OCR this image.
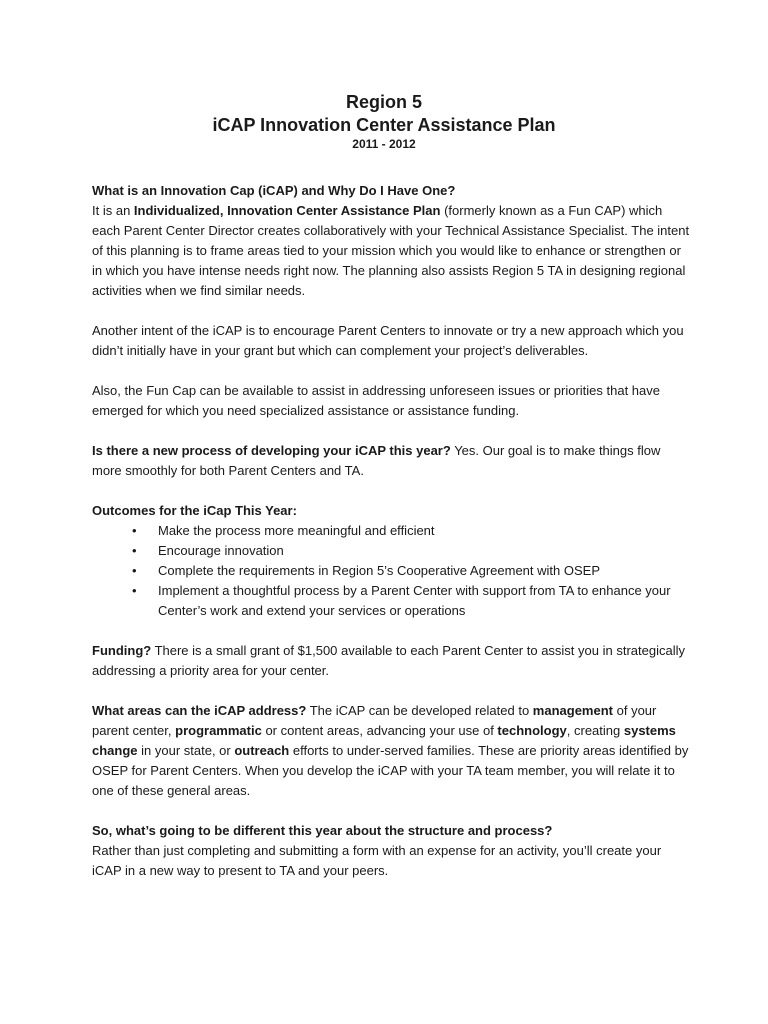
Region 5
iCAP Innovation Center Assistance Plan
2011 - 2012

What is an Innovation Cap (iCAP) and Why Do I Have One?

It is an Individualized, Innovation Center Assistance Plan (formerly known as a Fun CAP) which each Parent Center Director creates collaboratively with your Technical Assistance Specialist. The intent of this planning is to frame areas tied to your mission which you would like to enhance or strengthen or in which you have intense needs right now. The planning also assists Region 5 TA in designing regional activities when we find similar needs.

Another intent of the iCAP is to encourage Parent Centers to innovate or try a new approach which you didn’t initially have in your grant but which can complement your project’s deliverables.

Also, the Fun Cap can be available to assist in addressing unforeseen issues or priorities that have emerged for which you need specialized assistance or assistance funding.

Is there a new process of developing your iCAP this year? Yes. Our goal is to make things flow more smoothly for both Parent Centers and TA.

Outcomes for the iCap This Year:

• Make the process more meaningful and efficient
• Encourage innovation
• Complete the requirements in Region 5’s Cooperative Agreement with OSEP
• Implement a thoughtful process by a Parent Center with support from TA to enhance your Center’s work and extend your services or operations

Funding? There is a small grant of $1,500 available to each Parent Center to assist you in strategically addressing a priority area for your center.

What areas can the iCAP address? The iCAP can be developed related to management of your parent center, programmatic or content areas, advancing your use of technology, creating systems change in your state, or outreach efforts to under-served families. These are priority areas identified by OSEP for Parent Centers. When you develop the iCAP with your TA team member, you will relate it to one of these general areas.

So, what’s going to be different this year about the structure and process?

Rather than just completing and submitting a form with an expense for an activity, you’ll create your iCAP in a new way to present to TA and your peers.
